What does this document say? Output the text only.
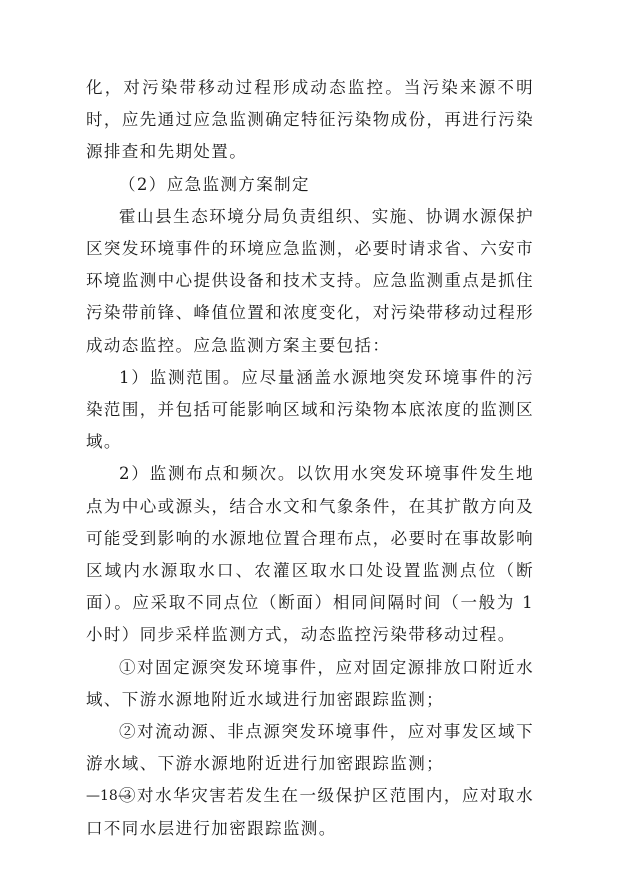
化，对污染带移动过程形成动态监控。当污染来源不明时，应先通过应急监测确定特征污染物成份，再进行污染源排查和先期处置。

（2）应急监测方案制定

霍山县生态环境分局负责组织、实施、协调水源保护区突发环境事件的环境应急监测，必要时请求省、六安市环境监测中心提供设备和技术支持。应急监测重点是抓住污染带前锋、峰值位置和浓度变化，对污染带移动过程形成动态监控。应急监测方案主要包括：

1）监测范围。应尽量涵盖水源地突发环境事件的污染范围，并包括可能影响区域和污染物本底浓度的监测区域。

2）监测布点和频次。以饮用水突发环境事件发生地点为中心或源头，结合水文和气象条件，在其扩散方向及可能受到影响的水源地位置合理布点，必要时在事故影响区域内水源取水口、农灌区取水口处设置监测点位（断面）。应采取不同点位（断面）相同间隔时间（一般为 1 小时）同步采样监测方式，动态监控污染带移动过程。

①对固定源突发环境事件，应对固定源排放口附近水域、下游水源地附近水域进行加密跟踪监测；

②对流动源、非点源突发环境事件，应对事发区域下游水域、下游水源地附近进行加密跟踪监测；

③对水华灾害若发生在一级保护区范围内，应对取水口不同水层进行加密跟踪监测。

—18—
